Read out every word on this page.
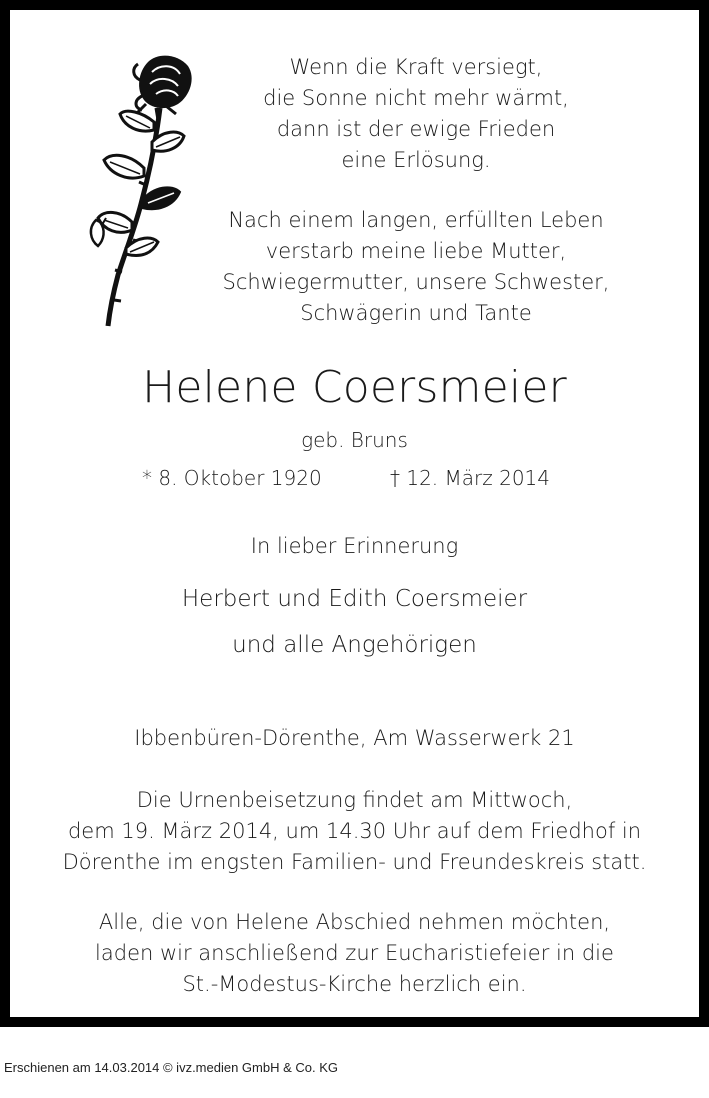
Wenn die Kraft versiegt,
die Sonne nicht mehr wärmt,
dann ist der ewige Frieden
eine Erlösung.
Nach einem langen, erfüllten Leben
verstarb meine liebe Mutter,
Schwiegermutter, unsere Schwester,
Schwägerin und Tante
Helene Coersmeier
geb. Bruns
* 8. Oktober 1920	† 12. März 2014
In lieber Erinnerung
Herbert und Edith Coersmeier
und alle Angehörigen
Ibbenbüren-Dörenthe, Am Wasserwerk 21
Die Urnenbeisetzung findet am Mittwoch,
dem 19. März 2014, um 14.30 Uhr auf dem Friedhof in
Dörenthe im engsten Familien- und Freundeskreis statt.
Alle, die von Helene Abschied nehmen möchten,
laden wir anschließend zur Eucharistiefeier in die
St.-Modestus-Kirche herzlich ein.
Erschienen am 14.03.2014 © ivz.medien GmbH & Co. KG
